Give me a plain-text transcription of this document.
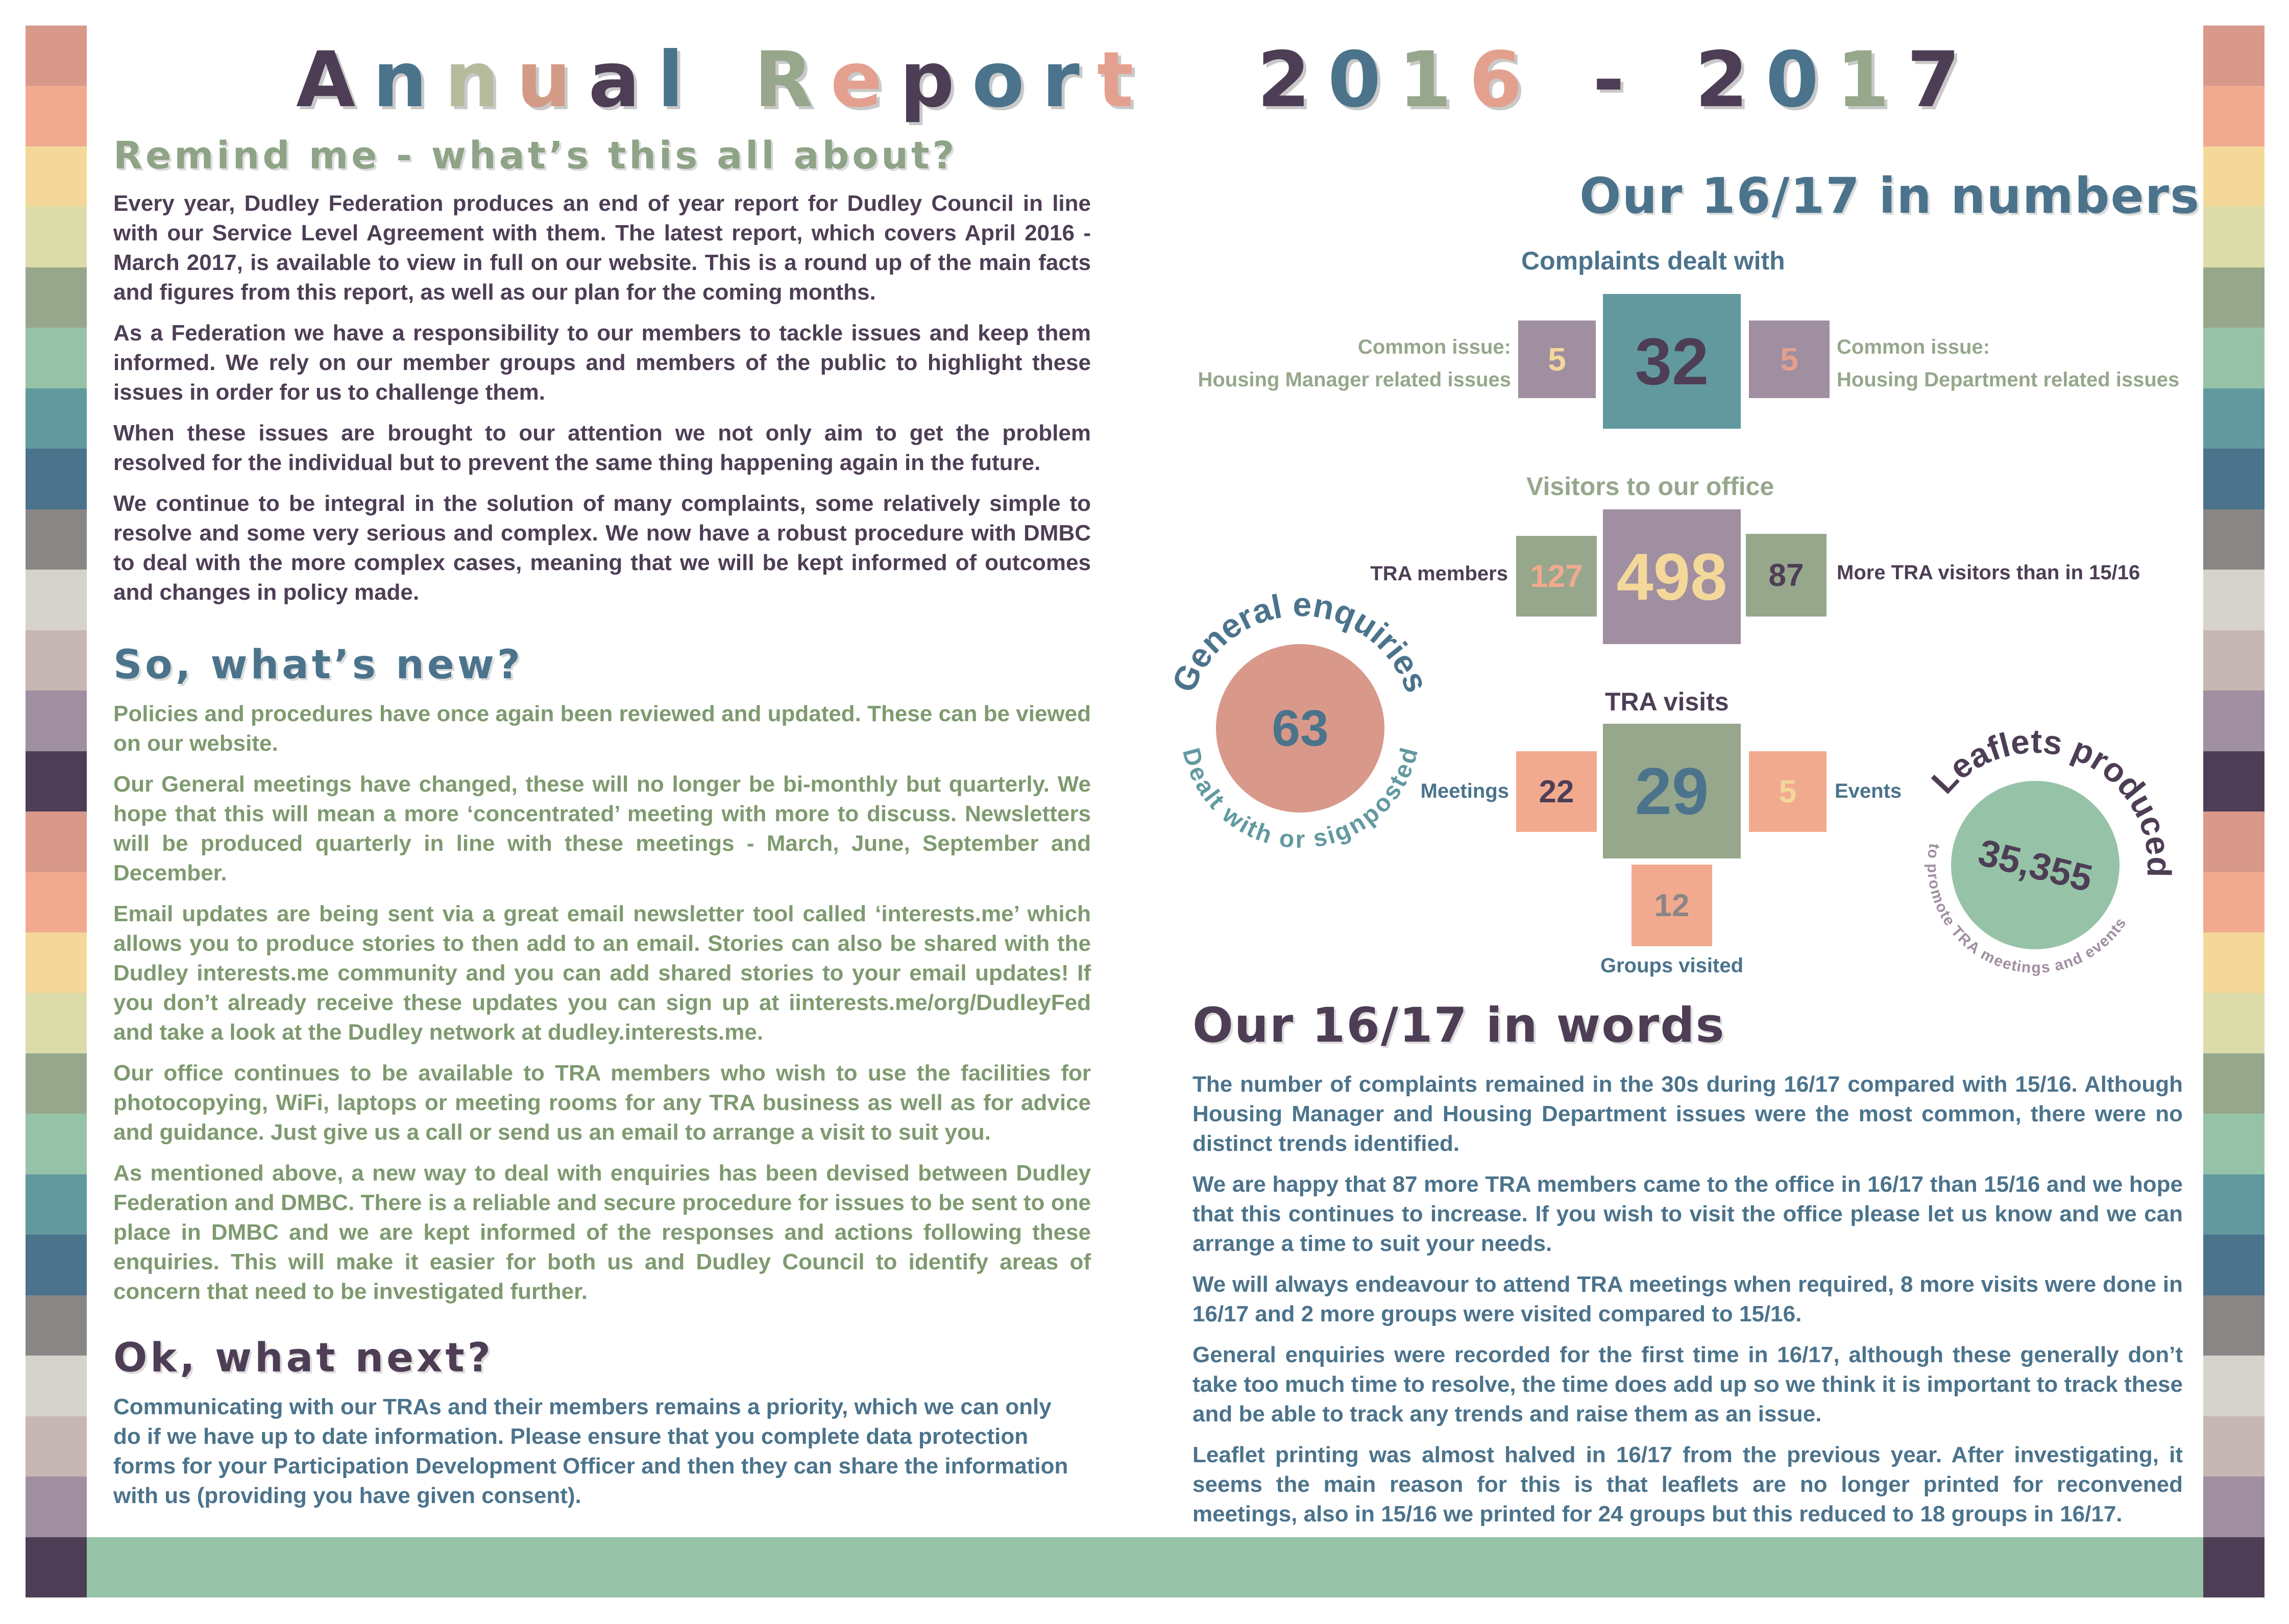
A n n u a l R e p o r t 2 0 1 6 - 2 0 1 7
Remind me - what’s this all about?

Every year, Dudley Federation produces an end of year report for Dudley Council in line with our Service Level Agreement with them. The latest report, which covers April 2016 - March 2017, is available to view in full on our website. This is a round up of the main facts and figures from this report, as well as our plan for the coming months.

As a Federation we have a responsibility to our members to tackle issues and keep them informed. We rely on our member groups and members of the public to highlight these issues in order for us to challenge them.

When these issues are brought to our attention we not only aim to get the problem resolved for the individual but to prevent the same thing happening again in the future.

We continue to be integral in the solution of many complaints, some relatively simple to resolve and some very serious and complex. We now have a robust procedure with DMBC to deal with the more complex cases, meaning that we will be kept informed of outcomes and changes in policy made.

So, what’s new?

Policies and procedures have once again been reviewed and updated. These can be viewed on our website.

Our General meetings have changed, these will no longer be bi-monthly but quarterly. We hope that this will mean a more ‘concentrated’ meeting with more to discuss. Newsletters will be produced quarterly in line with these meetings - March, June, September and December.

Email updates are being sent via a great email newsletter tool called ‘interests.me’ which allows you to produce stories to then add to an email. Stories can also be shared with the Dudley interests.me community and you can add shared stories to your email updates! If you don’t already receive these updates you can sign up at iinterests.me/org/DudleyFed and take a look at the Dudley network at dudley.interests.me.

Our office continues to be available to TRA members who wish to use the facilities for photocopying, WiFi, laptops or meeting rooms for any TRA business as well as for advice and guidance. Just give us a call or send us an email to arrange a visit to suit you.

As mentioned above, a new way to deal with enquiries has been devised between Dudley Federation and DMBC. There is a reliable and secure procedure for issues to be sent to one place in DMBC and we are kept informed of the responses and actions following these enquiries. This will make it easier for both us and Dudley Council to identify areas of concern that need to be investigated further.

Ok, what next?

Communicating with our TRAs and their members remains a priority, which we can only do if we have up to date information. Please ensure that you complete data protection forms for your Participation Development Officer and then they can share the information with us (providing you have given consent).

Our 16/17 in numbers
Complaints dealt with
32
5	5
Common issue:
Housing Manager related issues
Common issue:
Housing Department related issues
Visitors to our office
498
127	87
TRA members	More TRA visitors than in 15/16
TRA visits
29
22	5
12
Meetings	Events
Groups visited
63
General enquiries
Dealt with or signposted
35,355
Leaflets produced
to promote TRA meetings and events
Our 16/17 in words

The number of complaints remained in the 30s during 16/17 compared with 15/16. Although Housing Manager and Housing Department issues were the most common, there were no distinct trends identified.

We are happy that 87 more TRA members came to the office in 16/17 than 15/16 and we hope that this continues to increase. If you wish to visit the office please let us know and we can arrange a time to suit your needs.

We will always endeavour to attend TRA meetings when required, 8 more visits were done in 16/17 and 2 more groups were visited compared to 15/16.

General enquiries were recorded for the first time in 16/17, although these generally don’t take too much time to resolve, the time does add up so we think it is important to track these and be able to track any trends and raise them as an issue.

Leaflet printing was almost halved in 16/17 from the previous year. After investigating, it seems the main reason for this is that leaflets are no longer printed for reconvened meetings, also in 15/16 we printed for 24 groups but this reduced to 18 groups in 16/17.
